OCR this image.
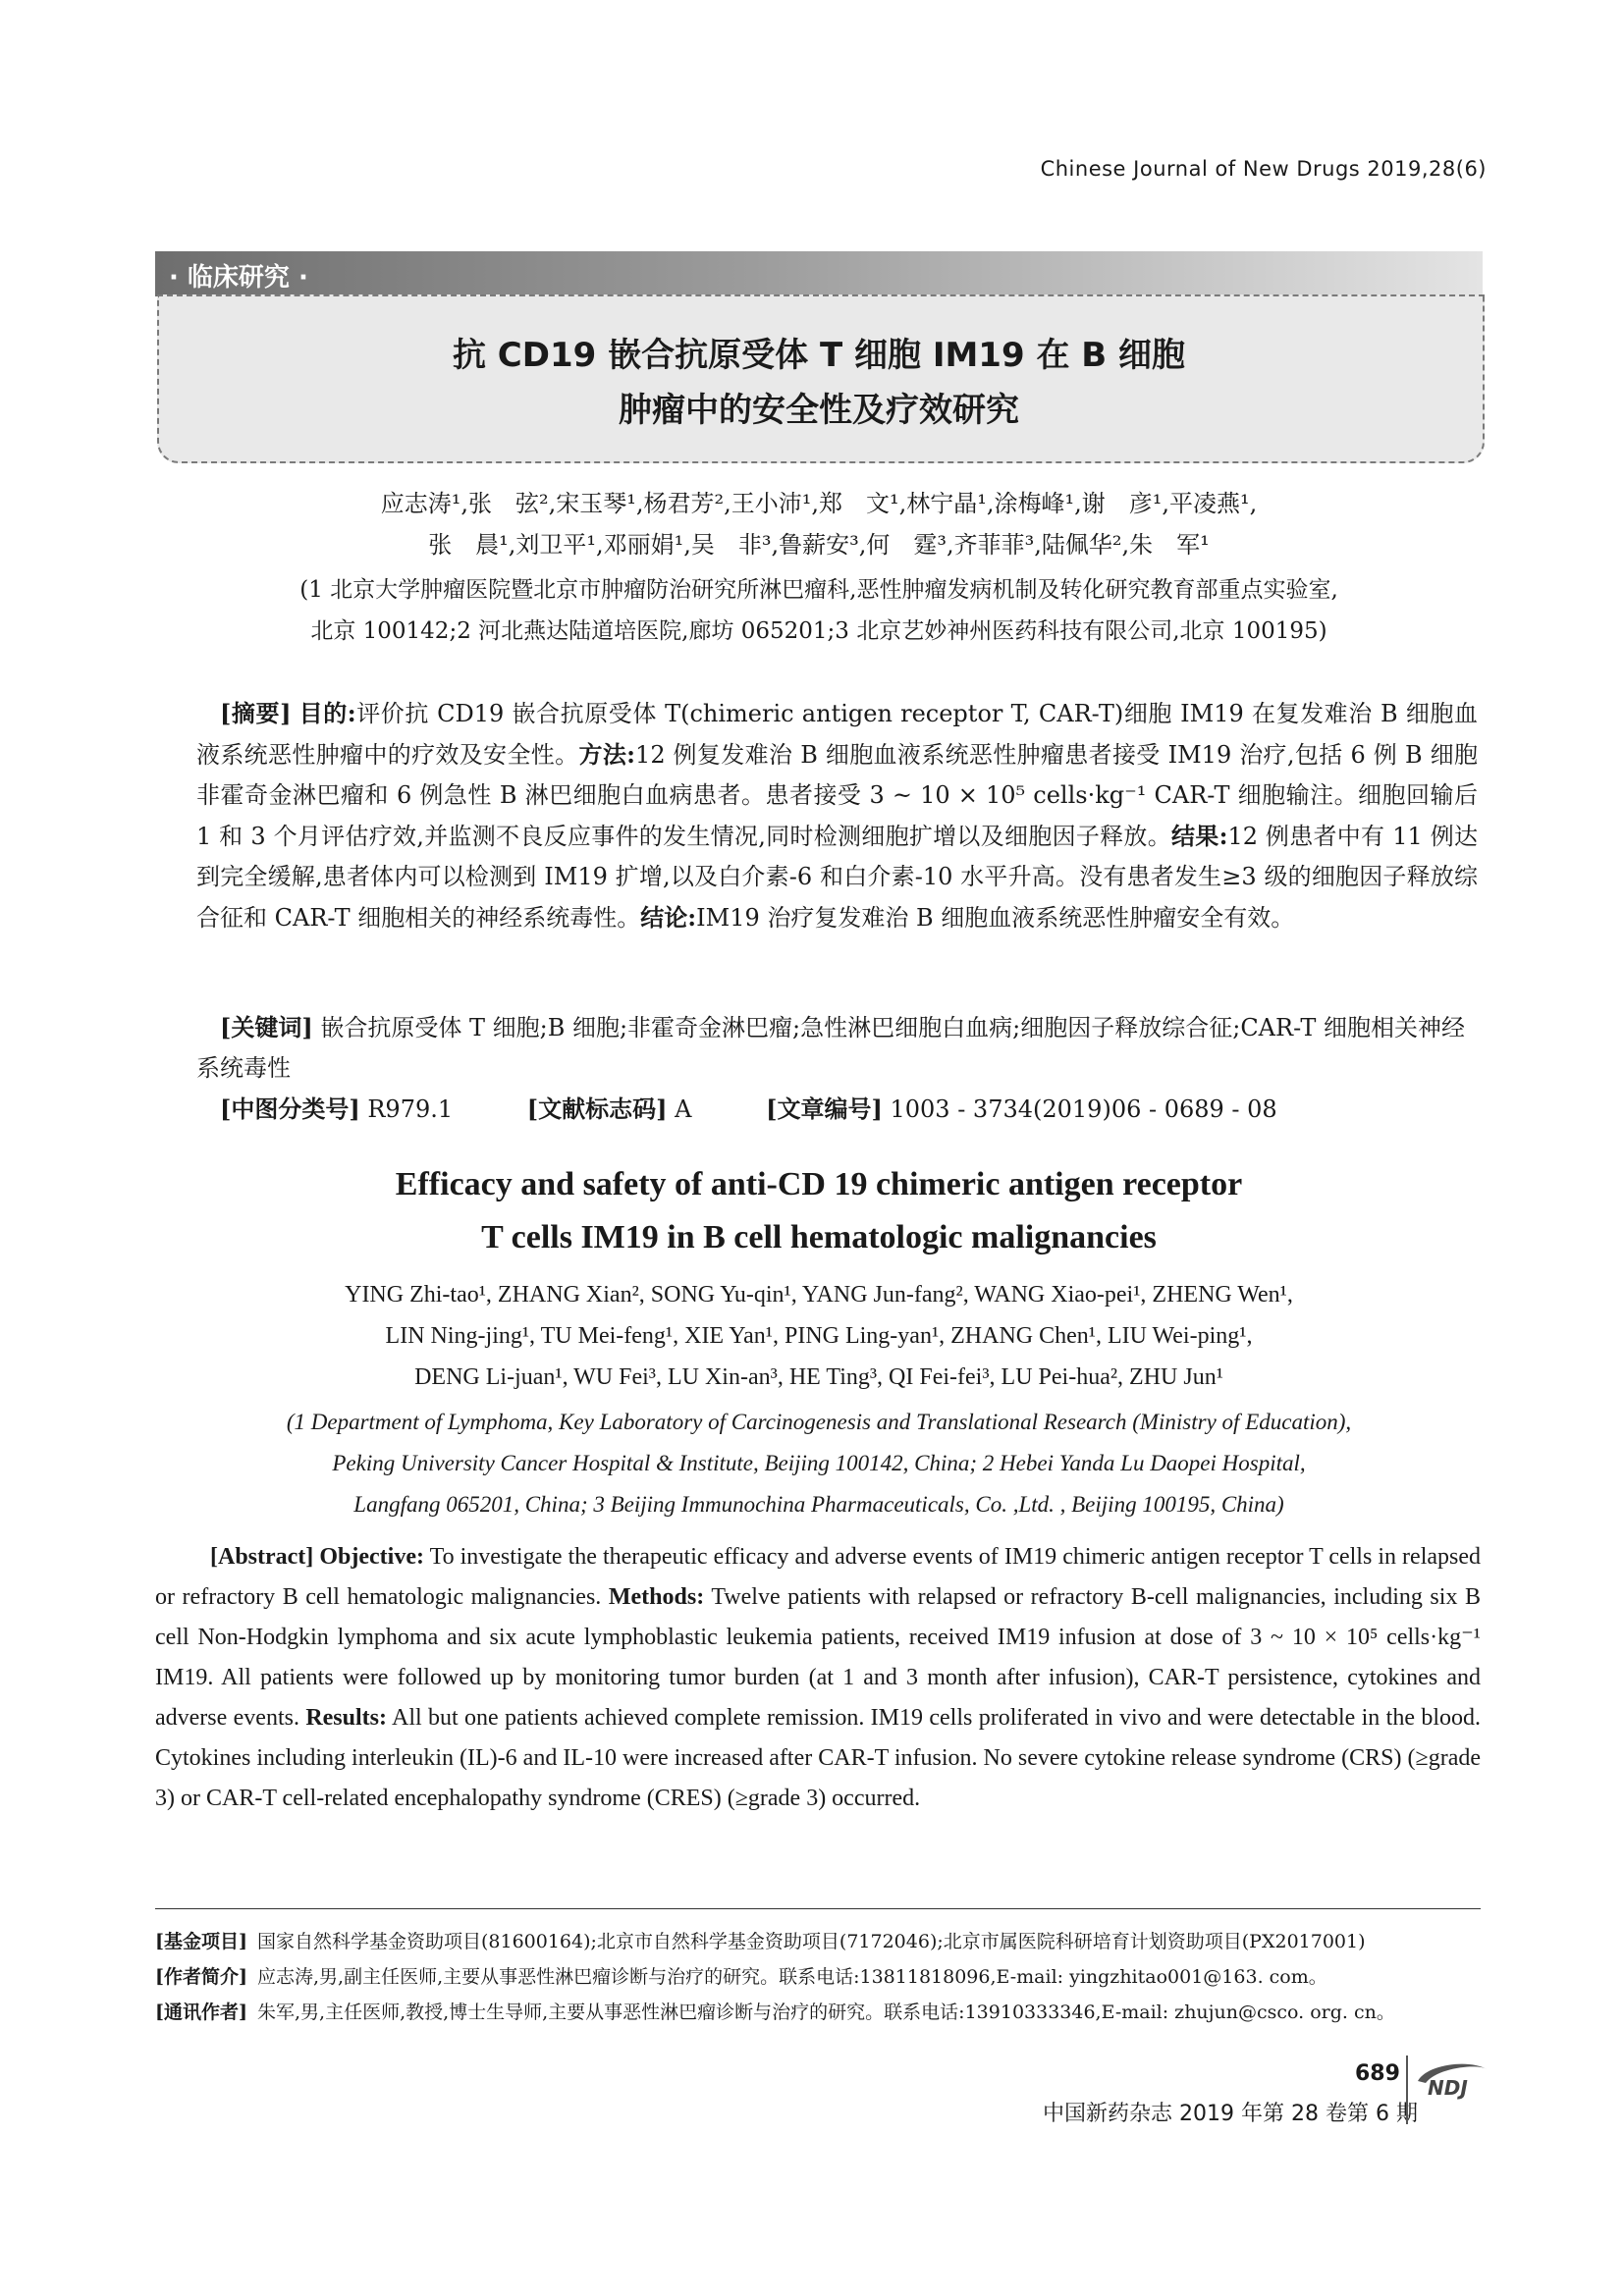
Chinese Journal of New Drugs 2019,28(6)
· 临床研究 ·
抗 CD19 嵌合抗原受体 T 细胞 IM19 在 B 细胞
肿瘤中的安全性及疗效研究
应志涛¹,张　弦²,宋玉琴¹,杨君芳²,王小沛¹,郑　文¹,林宁晶¹,涂梅峰¹,谢　彦¹,平凌燕¹,
张　晨¹,刘卫平¹,邓丽娟¹,吴　非³,鲁薪安³,何　霆³,齐菲菲³,陆佩华²,朱　军¹
(1 北京大学肿瘤医院暨北京市肿瘤防治研究所淋巴瘤科,恶性肿瘤发病机制及转化研究教育部重点实验室,
北京 100142;2 河北燕达陆道培医院,廊坊 065201;3 北京艺妙神州医药科技有限公司,北京 100195)
[摘要] 目的:评价抗 CD19 嵌合抗原受体 T(chimeric antigen receptor T, CAR-T)细胞 IM19 在复发难治 B 细胞血液系统恶性肿瘤中的疗效及安全性。方法:12 例复发难治 B 细胞血液系统恶性肿瘤患者接受 IM19 治疗,包括 6 例 B 细胞非霍奇金淋巴瘤和 6 例急性 B 淋巴细胞白血病患者。患者接受 3 ~ 10 × 10⁵ cells·kg⁻¹ CAR-T 细胞输注。细胞回输后 1 和 3 个月评估疗效,并监测不良反应事件的发生情况,同时检测细胞扩增以及细胞因子释放。结果:12 例患者中有 11 例达到完全缓解,患者体内可以检测到 IM19 扩增,以及白介素-6 和白介素-10 水平升高。没有患者发生≥3 级的细胞因子释放综合征和 CAR-T 细胞相关的神经系统毒性。结论:IM19 治疗复发难治 B 细胞血液系统恶性肿瘤安全有效。
[关键词] 嵌合抗原受体 T 细胞;B 细胞;非霍奇金淋巴瘤;急性淋巴细胞白血病;细胞因子释放综合征;CAR-T 细胞相关神经系统毒性
[中图分类号] R979.1	[文献标志码] A	[文章编号] 1003 - 3734(2019)06 - 0689 - 08
Efficacy and safety of anti-CD 19 chimeric antigen receptor
T cells IM19 in B cell hematologic malignancies
YING Zhi-tao¹, ZHANG Xian², SONG Yu-qin¹, YANG Jun-fang², WANG Xiao-pei¹, ZHENG Wen¹,
LIN Ning-jing¹, TU Mei-feng¹, XIE Yan¹, PING Ling-yan¹, ZHANG Chen¹, LIU Wei-ping¹,
DENG Li-juan¹, WU Fei³, LU Xin-an³, HE Ting³, QI Fei-fei³, LU Pei-hua², ZHU Jun¹
(1 Department of Lymphoma, Key Laboratory of Carcinogenesis and Translational Research (Ministry of Education),
Peking University Cancer Hospital & Institute, Beijing 100142, China; 2 Hebei Yanda Lu Daopei Hospital,
Langfang 065201, China; 3 Beijing Immunochina Pharmaceuticals, Co. ,Ltd. , Beijing 100195, China)
[Abstract] Objective: To investigate the therapeutic efficacy and adverse events of IM19 chimeric antigen receptor T cells in relapsed or refractory B cell hematologic malignancies. Methods: Twelve patients with relapsed or refractory B-cell malignancies, including six B cell Non-Hodgkin lymphoma and six acute lymphoblastic leukemia patients, received IM19 infusion at dose of 3 ~ 10 × 10⁵ cells·kg⁻¹ IM19. All patients were followed up by monitoring tumor burden (at 1 and 3 month after infusion), CAR-T persistence, cytokines and adverse events. Results: All but one patients achieved complete remission. IM19 cells proliferated in vivo and were detectable in the blood. Cytokines including interleukin (IL)-6 and IL-10 were increased after CAR-T infusion. No severe cytokine release syndrome (CRS) (≥grade 3) or CAR-T cell-related encephalopathy syndrome (CRES) (≥grade 3) occurred.
[基金项目] 国家自然科学基金资助项目(81600164);北京市自然科学基金资助项目(7172046);北京市属医院科研培育计划资助项目(PX2017001)
[作者简介] 应志涛,男,副主任医师,主要从事恶性淋巴瘤诊断与治疗的研究。联系电话:13811818096,E-mail: yingzhitao001@163. com。
[通讯作者] 朱军,男,主任医师,教授,博士生导师,主要从事恶性淋巴瘤诊断与治疗的研究。联系电话:13910333346,E-mail: zhujun@csco. org. cn。
689
中国新药杂志 2019 年第 28 卷第 6 期
NDJ
